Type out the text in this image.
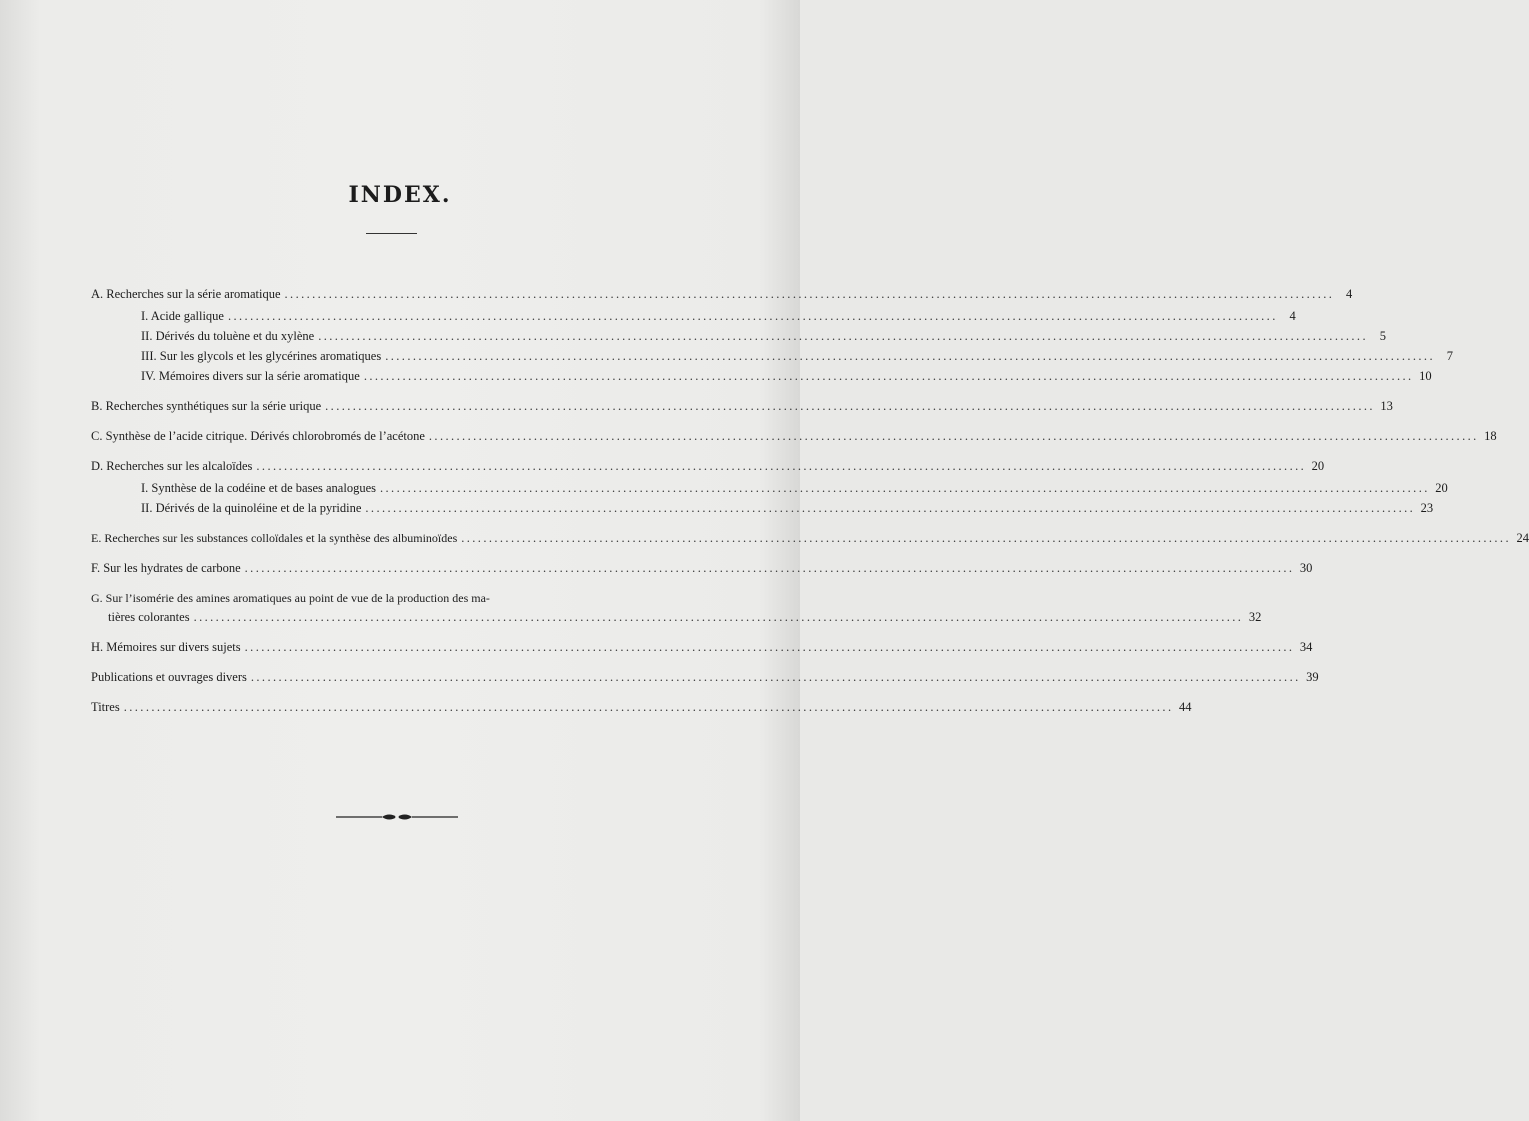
INDEX.
A. Recherches sur la série aromatique .............................................................................................................................................................................................. 4
I. Acide gallique .............................................................................................................................................................................................. 4
II. Dérivés du toluène et du xylène .............................................................................................................................................................................................. 5
III. Sur les glycols et les glycérines aromatiques .............................................................................................................................................................................................. 7
IV. Mémoires divers sur la série aromatique .............................................................................................................................................................................................. 10
B. Recherches synthétiques sur la série urique .............................................................................................................................................................................................. 13
C. Synthèse de l’acide citrique. Dérivés chlorobromés de l’acétone .............................................................................................................................................................................................. 18
D. Recherches sur les alcaloïdes .............................................................................................................................................................................................. 20
I. Synthèse de la codéine et de bases analogues .............................................................................................................................................................................................. 20
II. Dérivés de la quinoléine et de la pyridine .............................................................................................................................................................................................. 23
E. Recherches sur les substances colloïdales et la synthèse des albuminoïdes .............................................................................................................................................................................................. 24
F. Sur les hydrates de carbone .............................................................................................................................................................................................. 30
G. Sur l’isomérie des amines aromatiques au point de vue de la production des ma-
tières colorantes .............................................................................................................................................................................................. 32
H. Mémoires sur divers sujets .............................................................................................................................................................................................. 34
Publications et ouvrages divers .............................................................................................................................................................................................. 39
Titres .............................................................................................................................................................................................. 44
